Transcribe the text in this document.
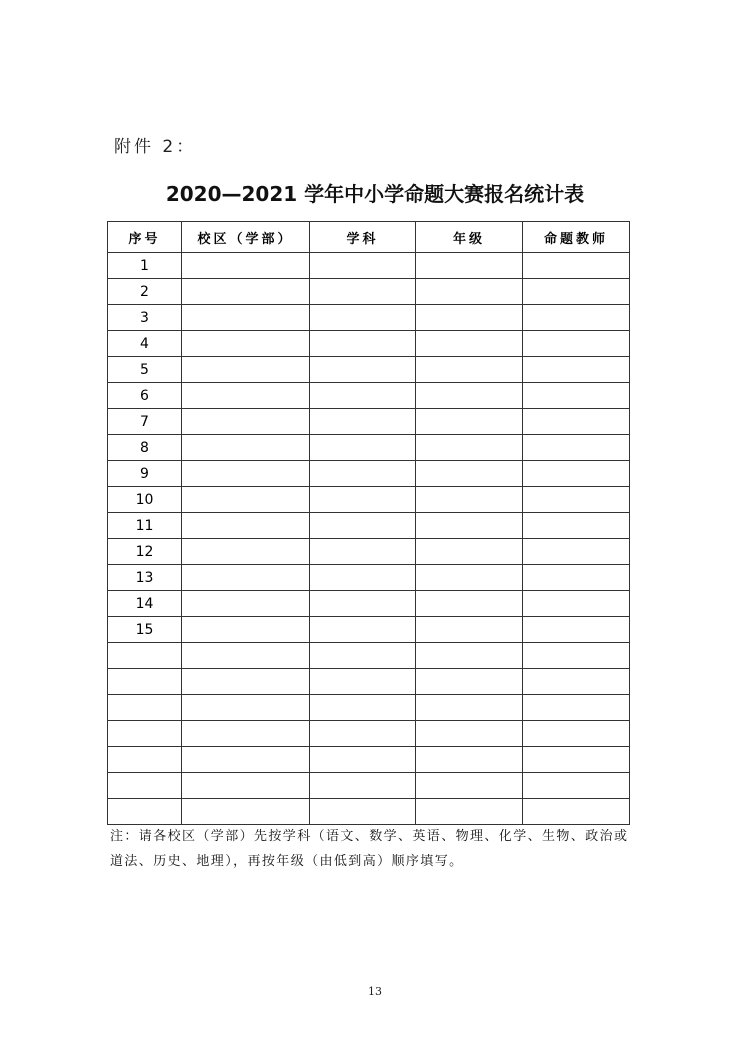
附件 2：
2020—2021 学年中小学命题大赛报名统计表
序号	校区（学部）	学科	年级	命题教师
1				
2				
3				
4				
5				
6				
7				
8				
9				
10				
11				
12				
13				
14				
15				

注：请各校区（学部）先按学科（语文、数学、英语、物理、化学、生物、政治或道法、历史、地理），再按年级（由低到高）顺序填写。
13
